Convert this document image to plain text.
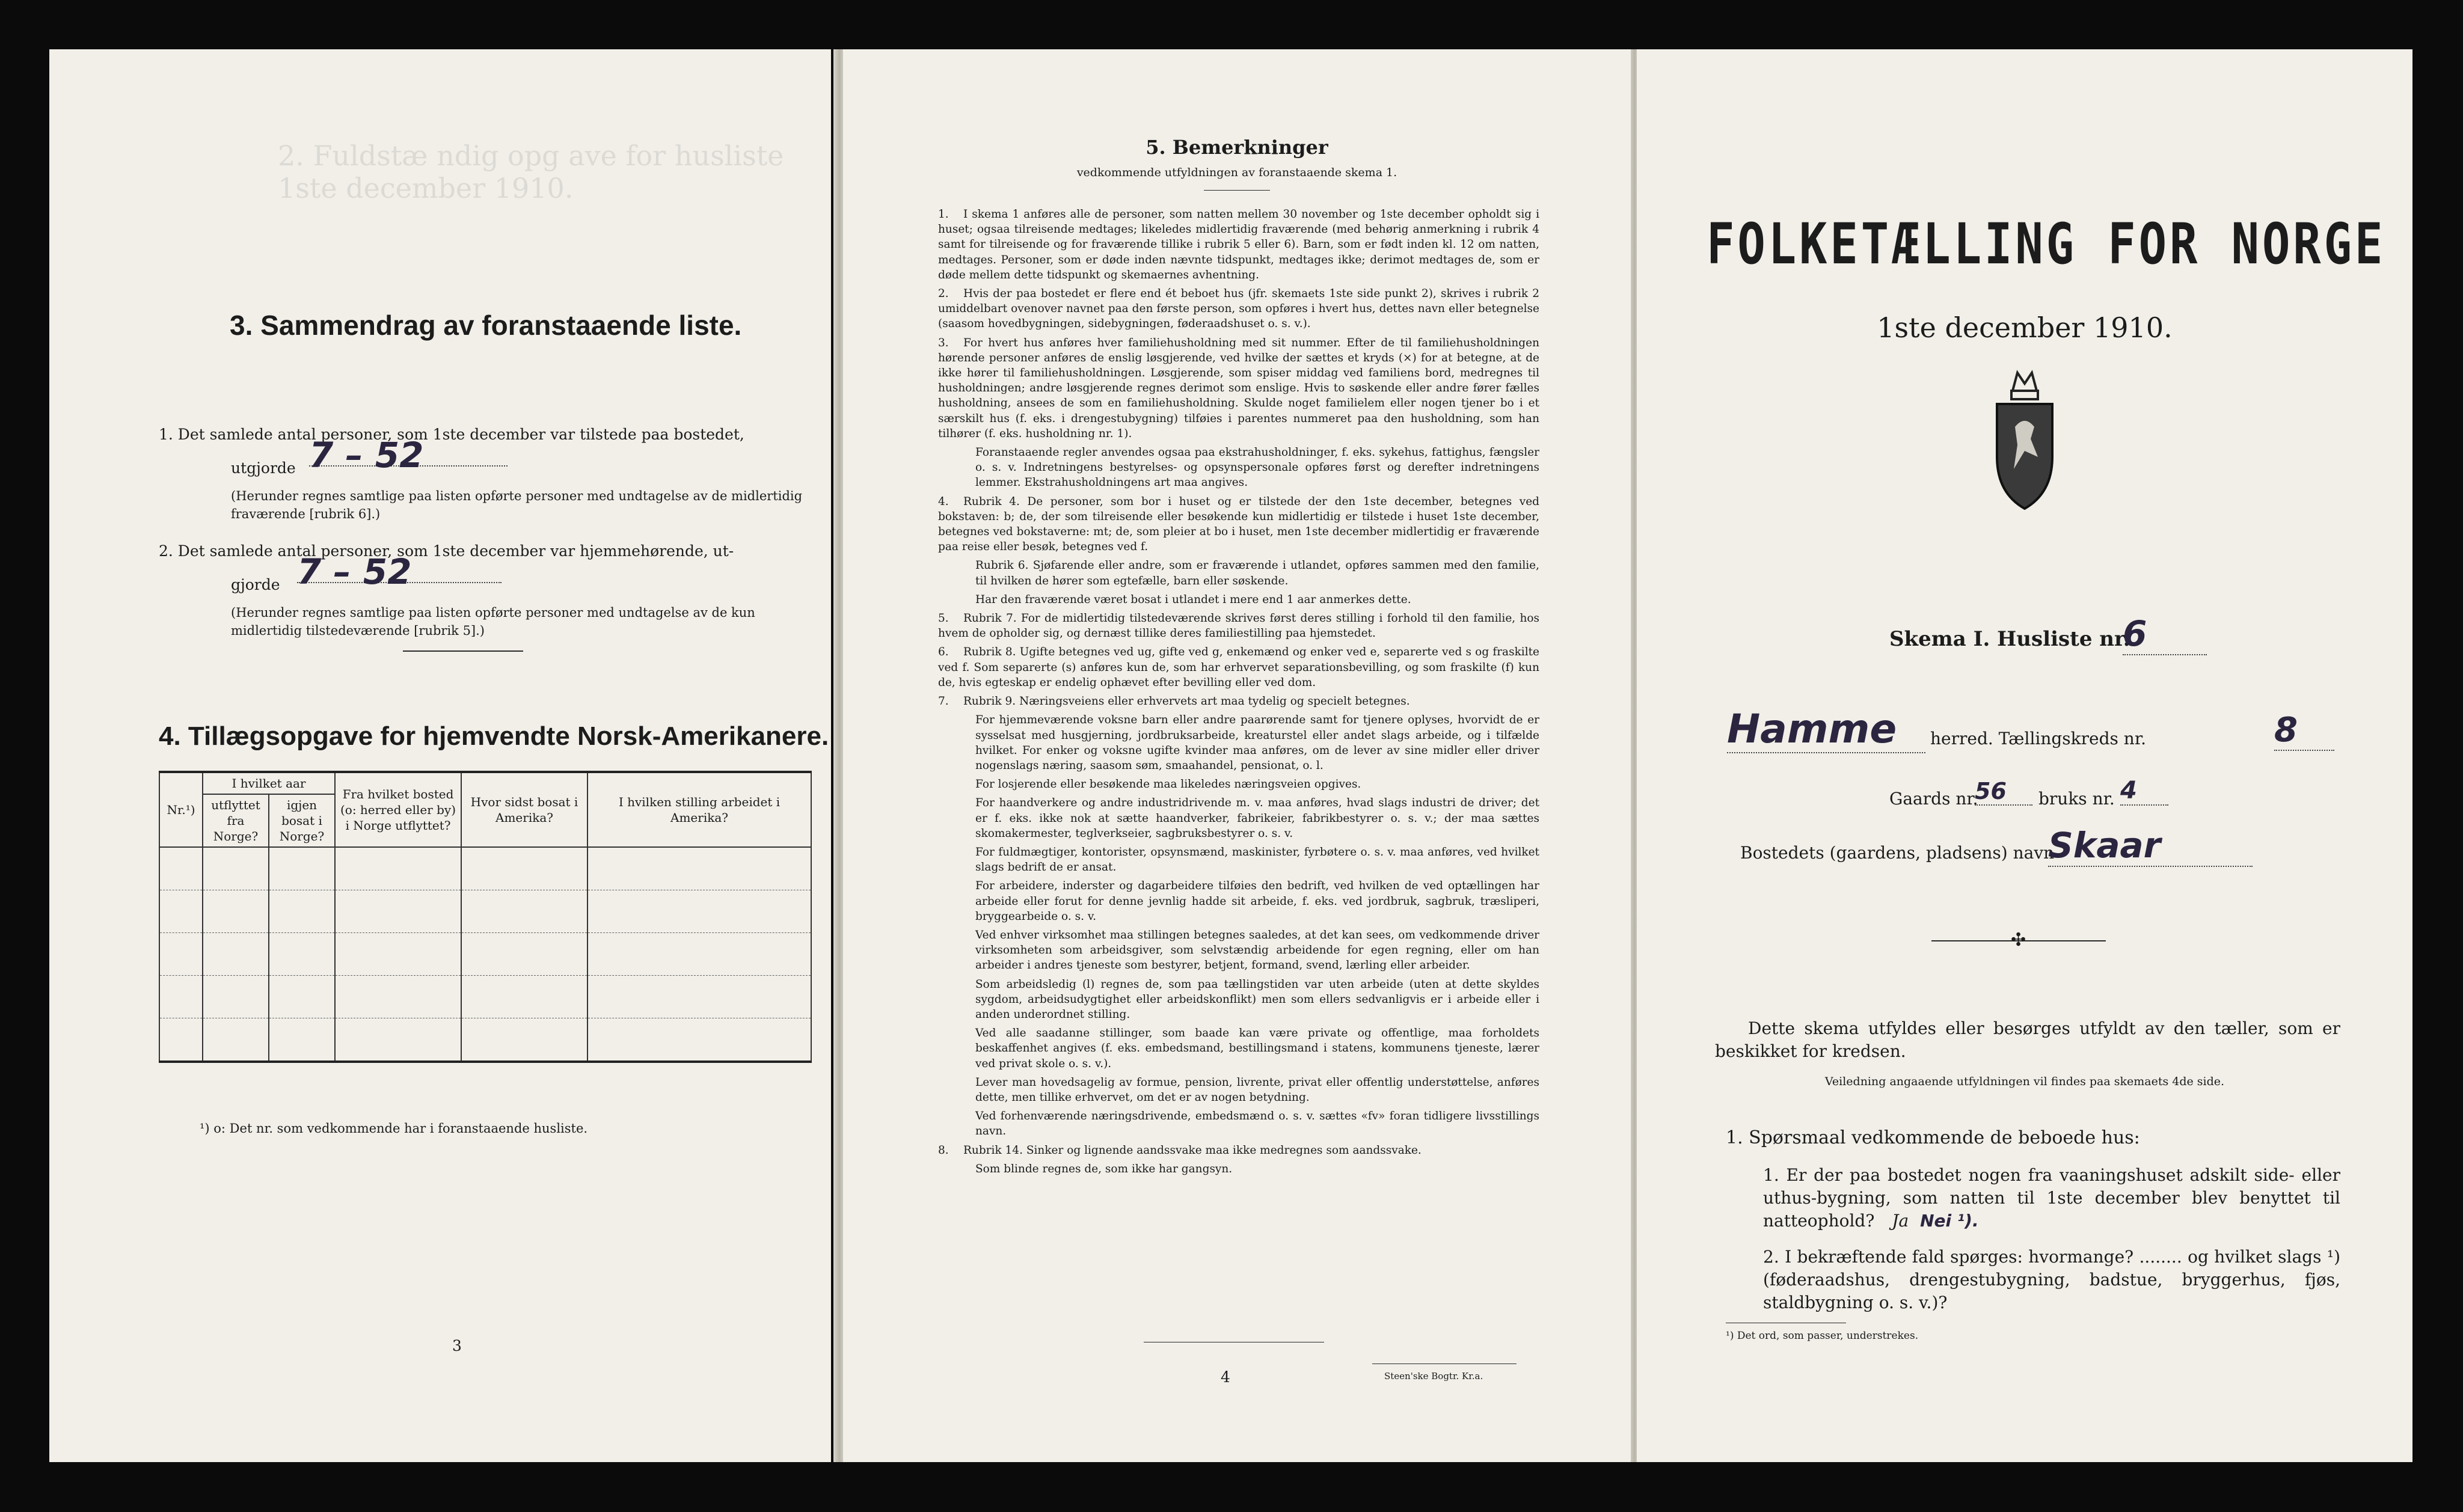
2. Fuldstæ ndig opg ave for husliste 1ste december 1910.
3. Sammendrag av foranstaaende liste.
1. Det samlede antal personer, som 1ste december var tilstede paa bostedet,
utgjorde 7 – 52
(Herunder regnes samtlige paa listen opførte personer med undtagelse av de midlertidig fraværende [rubrik 6].)
2. Det samlede antal personer, som 1ste december var hjemmehørende, ut-
gjorde 7 – 52
(Herunder regnes samtlige paa listen opførte personer med undtagelse av de kun midlertidig tilstedeværende [rubrik 5].)
4. Tillægsopgave for hjemvendte Norsk-Amerikanere.
Nr.¹)	I hvilket aar		Fra hvilket bosted (o: herred eller by) i Norge utflyttet?	Hvor sidst bosat i Amerika?	I hvilken stilling arbeidet i Amerika?
	utflyttet fra Norge?	igjen bosat i Norge?			

¹) o: Det nr. som vedkommende har i foranstaaende husliste.
3
5. Bemerkninger
vedkommende utfyldningen av foranstaaende skema 1.

1. I skema 1 anføres alle de personer, som natten mellem 30 november og 1ste december opholdt sig i huset; ogsaa tilreisende medtages; likeledes midlertidig fraværende (med behørig anmerkning i rubrik 4 samt for tilreisende og for fraværende tillike i rubrik 5 eller 6). Barn, som er født inden kl. 12 om natten, medtages. Personer, som er døde inden nævnte tidspunkt, medtages ikke; derimot medtages de, som er døde mellem dette tidspunkt og skemaernes avhentning.

2. Hvis der paa bostedet er flere end ét beboet hus (jfr. skemaets 1ste side punkt 2), skrives i rubrik 2 umiddelbart ovenover navnet paa den første person, som opføres i hvert hus, dettes navn eller betegnelse (saasom hovedbygningen, sidebygningen, føderaadshuset o. s. v.).

3. For hvert hus anføres hver familiehusholdning med sit nummer. Efter de til familiehusholdningen hørende personer anføres de enslig løsgjerende, ved hvilke der sættes et kryds (×) for at betegne, at de ikke hører til familiehusholdningen. Løsgjerende, som spiser middag ved familiens bord, medregnes til husholdningen; andre løsgjerende regnes derimot som enslige. Hvis to søskende eller andre fører fælles husholdning, ansees de som en familiehusholdning. Skulde noget familielem eller nogen tjener bo i et særskilt hus (f. eks. i drengestubygning) tilføies i parentes nummeret paa den husholdning, som han tilhører (f. eks. husholdning nr. 1).

Foranstaaende regler anvendes ogsaa paa ekstrahusholdninger, f. eks. sykehus, fattighus, fængsler o. s. v. Indretningens bestyrelses- og opsynspersonale opføres først og derefter indretningens lemmer. Ekstrahusholdningens art maa angives.

4. Rubrik 4. De personer, som bor i huset og er tilstede der den 1ste december, betegnes ved bokstaven: b; de, der som tilreisende eller besøkende kun midlertidig er tilstede i huset 1ste december, betegnes ved bokstaverne: mt; de, som pleier at bo i huset, men 1ste december midlertidig er fraværende paa reise eller besøk, betegnes ved f.

Rubrik 6. Sjøfarende eller andre, som er fraværende i utlandet, opføres sammen med den familie, til hvilken de hører som egtefælle, barn eller søskende.

Har den fraværende været bosat i utlandet i mere end 1 aar anmerkes dette.

5. Rubrik 7. For de midlertidig tilstedeværende skrives først deres stilling i forhold til den familie, hos hvem de opholder sig, og dernæst tillike deres familiestilling paa hjemstedet.

6. Rubrik 8. Ugifte betegnes ved ug, gifte ved g, enkemænd og enker ved e, separerte ved s og fraskilte ved f. Som separerte (s) anføres kun de, som har erhvervet separationsbevilling, og som fraskilte (f) kun de, hvis egteskap er endelig ophævet efter bevilling eller ved dom.

7. Rubrik 9. Næringsveiens eller erhvervets art maa tydelig og specielt betegnes.

For hjemmeværende voksne barn eller andre paarørende samt for tjenere oplyses, hvorvidt de er sysselsat med husgjerning, jordbruksarbeide, kreaturstel eller andet slags arbeide, og i tilfælde hvilket. For enker og voksne ugifte kvinder maa anføres, om de lever av sine midler eller driver nogenslags næring, saasom søm, smaahandel, pensionat, o. l.

For losjerende eller besøkende maa likeledes næringsveien opgives.

For haandverkere og andre industridrivende m. v. maa anføres, hvad slags industri de driver; det er f. eks. ikke nok at sætte haandverker, fabrikeier, fabrikbestyrer o. s. v.; der maa sættes skomakermester, teglverkseier, sagbruksbestyrer o. s. v.

For fuldmægtiger, kontorister, opsynsmænd, maskinister, fyrbøtere o. s. v. maa anføres, ved hvilket slags bedrift de er ansat.

For arbeidere, inderster og dagarbeidere tilføies den bedrift, ved hvilken de ved optællingen har arbeide eller forut for denne jevnlig hadde sit arbeide, f. eks. ved jordbruk, sagbruk, træsliperi, bryggearbeide o. s. v.

Ved enhver virksomhet maa stillingen betegnes saaledes, at det kan sees, om vedkommende driver virksomheten som arbeidsgiver, som selvstændig arbeidende for egen regning, eller om han arbeider i andres tjeneste som bestyrer, betjent, formand, svend, lærling eller arbeider.

Som arbeidsledig (l) regnes de, som paa tællingstiden var uten arbeide (uten at dette skyldes sygdom, arbeidsudygtighet eller arbeidskonflikt) men som ellers sedvanligvis er i arbeide eller i anden underordnet stilling.

Ved alle saadanne stillinger, som baade kan være private og offentlige, maa forholdets beskaffenhet angives (f. eks. embedsmand, bestillingsmand i statens, kommunens tjeneste, lærer ved privat skole o. s. v.).

Lever man hovedsagelig av formue, pension, livrente, privat eller offentlig understøttelse, anføres dette, men tillike erhvervet, om det er av nogen betydning.

Ved forhenværende næringsdrivende, embedsmænd o. s. v. sættes «fv» foran tidligere livsstillings navn.

8. Rubrik 14. Sinker og lignende aandssvake maa ikke medregnes som aandssvake.

Som blinde regnes de, som ikke har gangsyn.

4	Steen'ske Bogtr. Kr.a.
FOLKETÆLLING FOR NORGE
1ste december 1910.
Skema I. Husliste nr.
6
Hamme	herred. Tællingskreds nr.	8
Gaards nr.
56	bruks nr. 4
Bostedets (gaardens, pladsens) navn
Skaar
✣
Dette skema utfyldes eller besørges utfyldt av den tæller, som er beskikket for kredsen.
Veiledning angaaende utfyldningen vil findes paa skemaets 4de side.
1. Spørsmaal vedkommende de beboede hus:
1. Er der paa bostedet nogen fra vaaningshuset adskilt side- eller uthus-bygning, som natten til 1ste december blev benyttet til natteophold? Ja Nei ¹).
2. I bekræftende fald spørges: hvormange? ........ og hvilket slags ¹) (føderaadshus, drengestubygning, badstue, bryggerhus, fjøs, staldbygning o. s. v.)?
¹) Det ord, som passer, understrekes.
